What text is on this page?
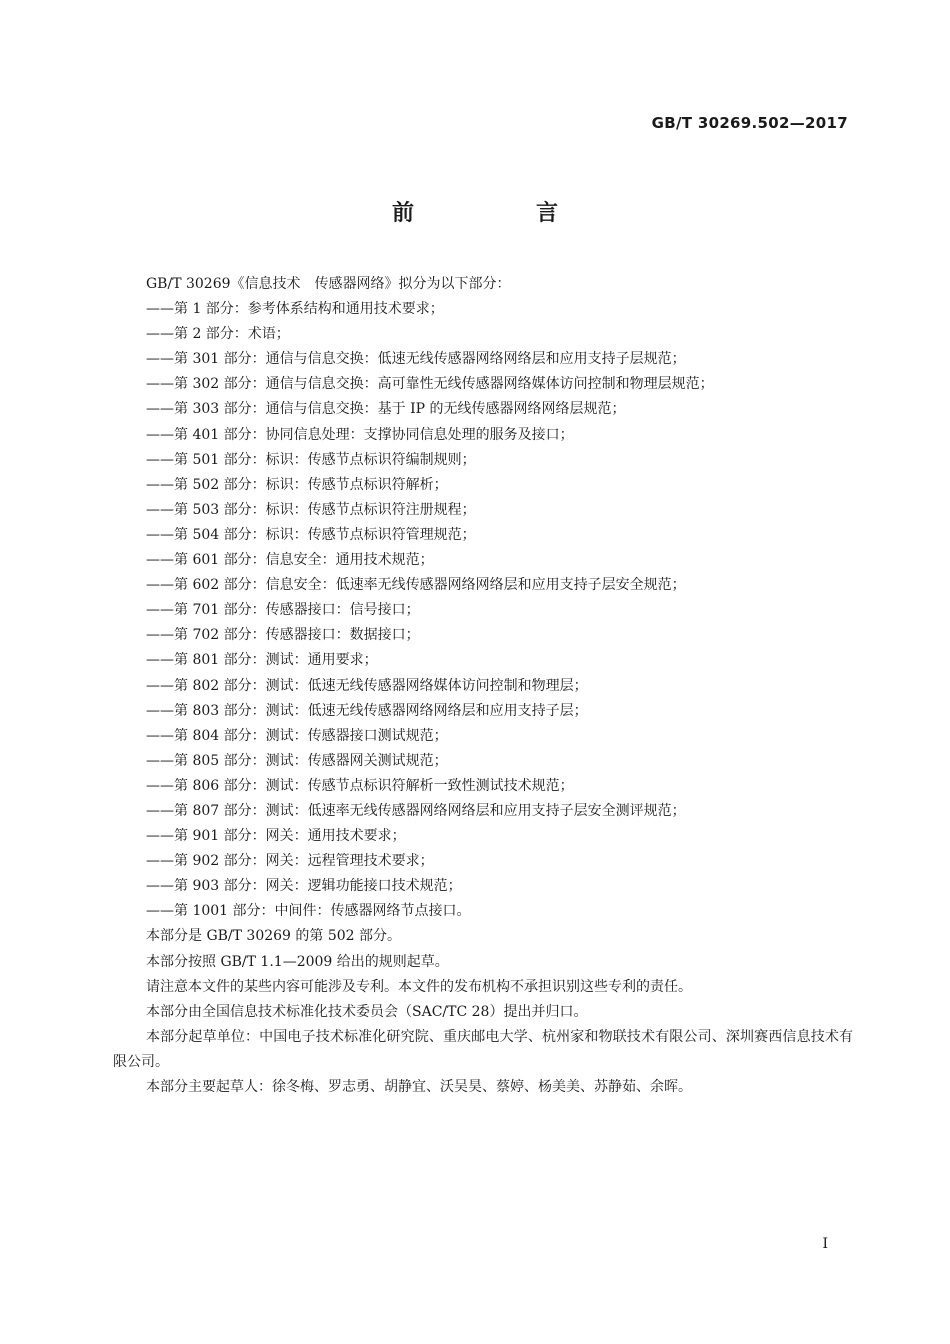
GB/T 30269.502—2017
前　言
GB/T 30269《信息技术　传感器网络》拟分为以下部分：
——第 1 部分：参考体系结构和通用技术要求；
——第 2 部分：术语；
——第 301 部分：通信与信息交换：低速无线传感器网络网络层和应用支持子层规范；
——第 302 部分：通信与信息交换：高可靠性无线传感器网络媒体访问控制和物理层规范；
——第 303 部分：通信与信息交换：基于 IP 的无线传感器网络网络层规范；
——第 401 部分：协同信息处理：支撑协同信息处理的服务及接口；
——第 501 部分：标识：传感节点标识符编制规则；
——第 502 部分：标识：传感节点标识符解析；
——第 503 部分：标识：传感节点标识符注册规程；
——第 504 部分：标识：传感节点标识符管理规范；
——第 601 部分：信息安全：通用技术规范；
——第 602 部分：信息安全：低速率无线传感器网络网络层和应用支持子层安全规范；
——第 701 部分：传感器接口：信号接口；
——第 702 部分：传感器接口：数据接口；
——第 801 部分：测试：通用要求；
——第 802 部分：测试：低速无线传感器网络媒体访问控制和物理层；
——第 803 部分：测试：低速无线传感器网络网络层和应用支持子层；
——第 804 部分：测试：传感器接口测试规范；
——第 805 部分：测试：传感器网关测试规范；
——第 806 部分：测试：传感节点标识符解析一致性测试技术规范；
——第 807 部分：测试：低速率无线传感器网络网络层和应用支持子层安全测评规范；
——第 901 部分：网关：通用技术要求；
——第 902 部分：网关：远程管理技术要求；
——第 903 部分：网关：逻辑功能接口技术规范；
——第 1001 部分：中间件：传感器网络节点接口。
本部分是 GB/T 30269 的第 502 部分。
本部分按照 GB/T 1.1—2009 给出的规则起草。
请注意本文件的某些内容可能涉及专利。本文件的发布机构不承担识别这些专利的责任。
本部分由全国信息技术标准化技术委员会（SAC/TC 28）提出并归口。
本部分起草单位：中国电子技术标准化研究院、重庆邮电大学、杭州家和物联技术有限公司、深圳赛西信息技术有限公司。
本部分主要起草人：徐冬梅、罗志勇、胡静宜、沃吴昊、蔡婷、杨美美、苏静茹、余晖。
I
